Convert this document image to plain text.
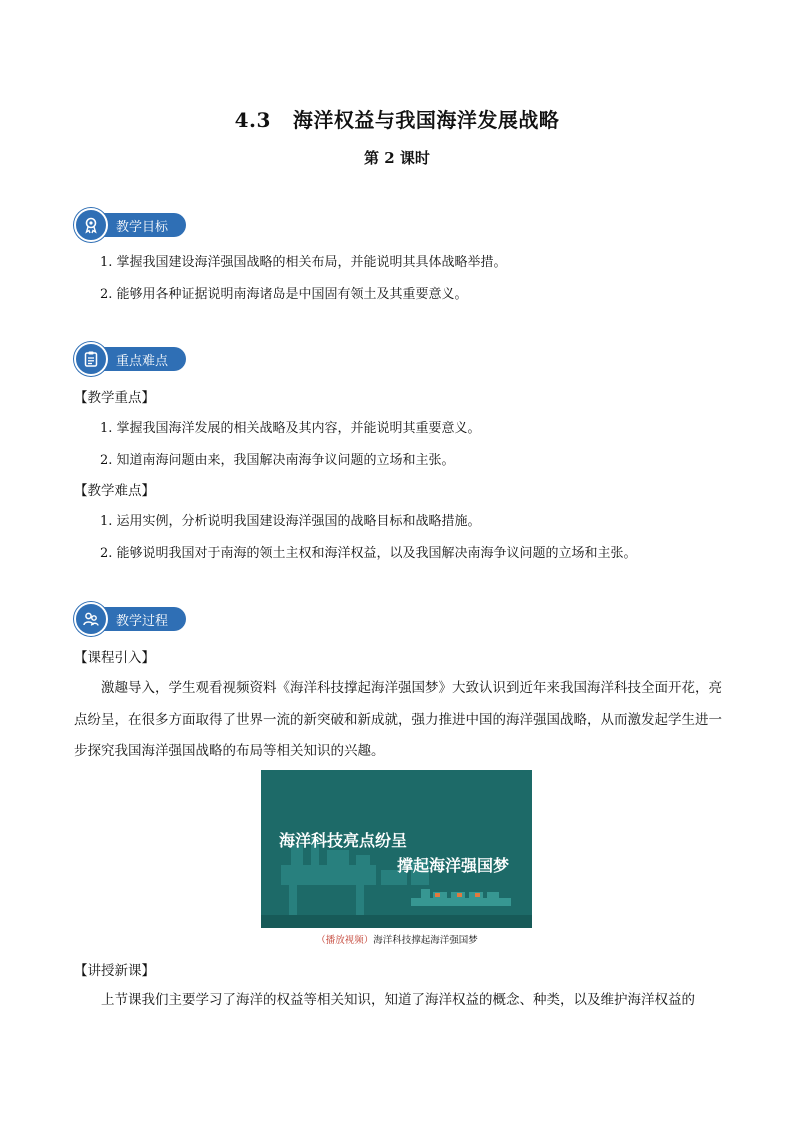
4.3 海洋权益与我国海洋发展战略
第 2 课时
教学目标
1. 掌握我国建设海洋强国战略的相关布局，并能说明其具体战略举措。
2. 能够用各种证据说明南海诸岛是中国固有领土及其重要意义。
重点难点
【教学重点】
1. 掌握我国海洋发展的相关战略及其内容，并能说明其重要意义。
2. 知道南海问题由来，我国解决南海争议问题的立场和主张。
【教学难点】
1. 运用实例，分析说明我国建设海洋强国的战略目标和战略措施。
2. 能够说明我国对于南海的领土主权和海洋权益，以及我国解决南海争议问题的立场和主张。
教学过程
【课程引入】
激趣导入，学生观看视频资料《海洋科技撑起海洋强国梦》大致认识到近年来我国海洋科技全面开花，亮点纷呈，在很多方面取得了世界一流的新突破和新成就，强力推进中国的海洋强国战略，从而激发起学生进一步探究我国海洋强国战略的布局等相关知识的兴趣。
海洋科技亮点纷呈
撑起海洋强国梦
（播放视频）海洋科技撑起海洋强国梦
【讲授新课】
上节课我们主要学习了海洋的权益等相关知识，知道了海洋权益的概念、种类，以及维护海洋权益的
